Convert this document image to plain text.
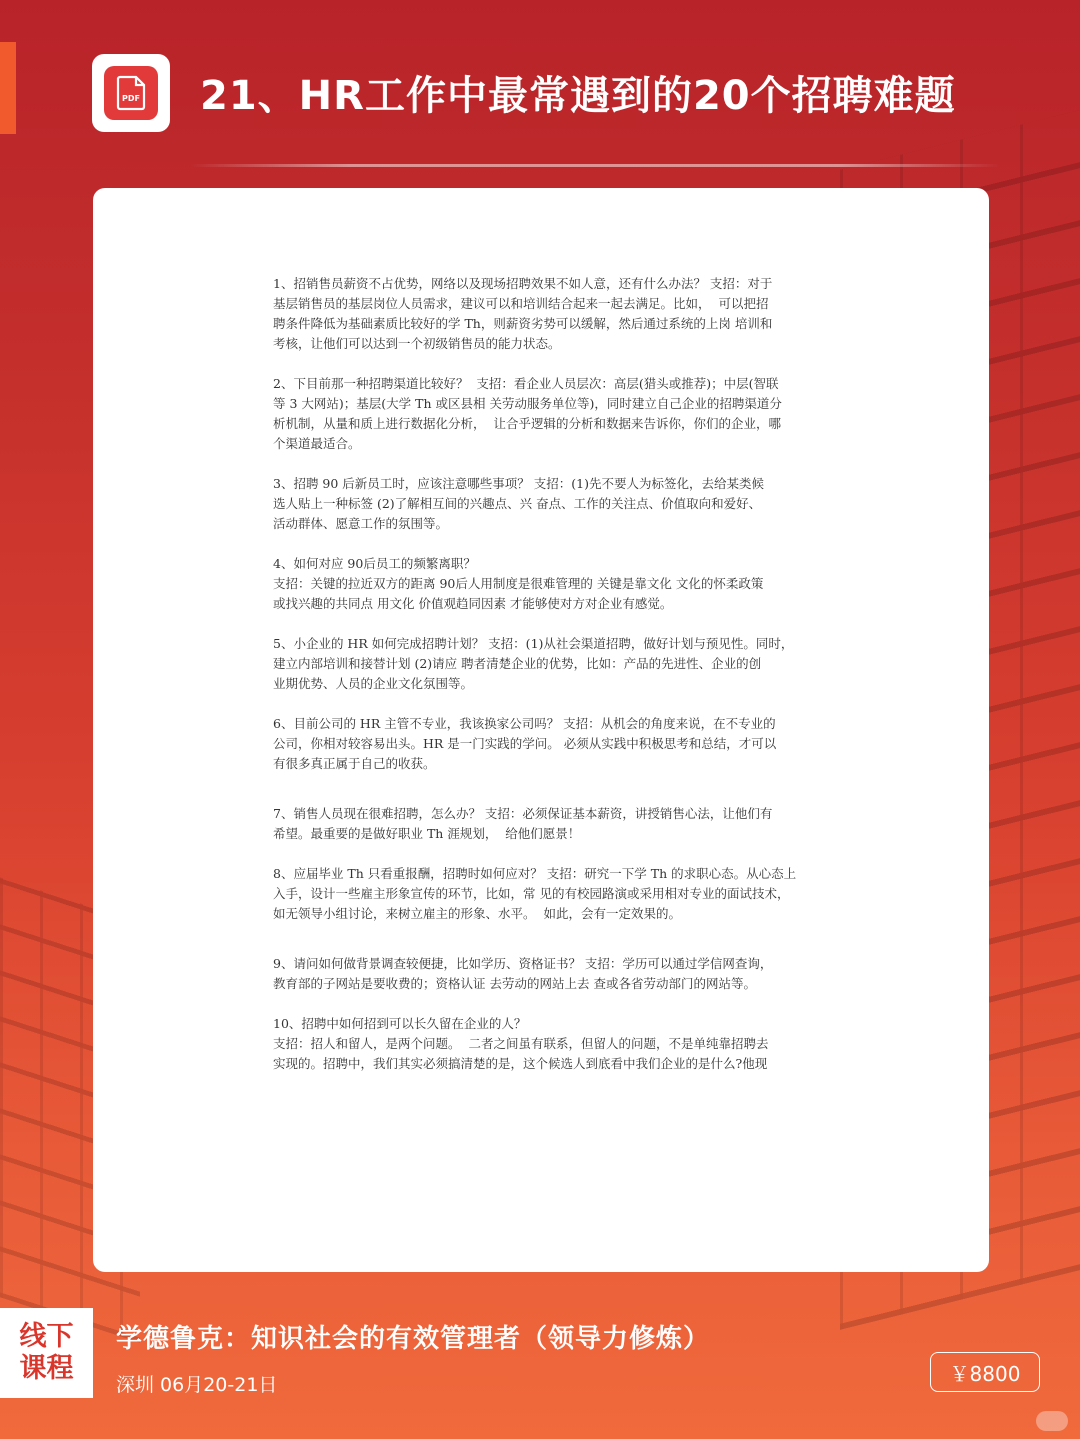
PDF 21、HR工作中最常遇到的20个招聘难题

1、招销售员薪资不占优势，网络以及现场招聘效果不如人意，还有什么办法？ 支招：对于
基层销售员的基层岗位人员需求，建议可以和培训结合起来一起去满足。比如，  可以把招
聘条件降低为基础素质比较好的学 Th，则薪资劣势可以缓解，然后通过系统的上岗 培训和
考核，让他们可以达到一个初级销售员的能力状态。

2、下目前那一种招聘渠道比较好？  支招：看企业人员层次：高层(猎头或推荐)；中层(智联
等 3 大网站)；基层(大学 Th 或区县相 关劳动服务单位等)，同时建立自己企业的招聘渠道分
析机制，从量和质上进行数据化分析，  让合乎逻辑的分析和数据来告诉你，你们的企业，哪
个渠道最适合。

3、招聘 90 后新员工时，应该注意哪些事项？ 支招：(1)先不要人为标签化，去给某类候
选人贴上一种标签 (2)了解相互间的兴趣点、兴 奋点、工作的关注点、价值取向和爱好、
活动群体、愿意工作的氛围等。

4、如何对应 90后员工的频繁离职？
支招：关键的拉近双方的距离 90后人用制度是很难管理的 关键是靠文化 文化的怀柔政策
或找兴趣的共同点 用文化 价值观趋同因素 才能够使对方对企业有感觉。

5、小企业的 HR 如何完成招聘计划？ 支招：(1)从社会渠道招聘，做好计划与预见性。同时，
建立内部培训和接替计划 (2)请应 聘者清楚企业的优势，比如：产品的先进性、企业的创
业期优势、人员的企业文化氛围等。

6、目前公司的 HR 主管不专业，我该换家公司吗？ 支招：从机会的角度来说，在不专业的
公司，你相对较容易出头。HR 是一门实践的学问。 必须从实践中积极思考和总结，才可以
有很多真正属于自己的收获。

7、销售人员现在很难招聘，怎么办？ 支招：必须保证基本薪资，讲授销售心法，让他们有
希望。最重要的是做好职业 Th 涯规划，  给他们愿景！

8、应届毕业 Th 只看重报酬，招聘时如何应对？ 支招：研究一下学 Th 的求职心态。从心态上
入手，设计一些雇主形象宣传的环节，比如，常 见的有校园路演或采用相对专业的面试技术，
如无领导小组讨论，来树立雇主的形象、水平。  如此，会有一定效果的。

9、请问如何做背景调查较便捷，比如学历、资格证书？ 支招：学历可以通过学信网查询，
教育部的子网站是要收费的；资格认证 去劳动的网站上去 查或各省劳动部门的网站等。

10、招聘中如何招到可以长久留在企业的人？
支招：招人和留人，是两个问题。  二者之间虽有联系，但留人的问题，不是单纯靠招聘去
实现的。招聘中，我们其实必须搞清楚的是，这个候选人到底看中我们企业的是什么?他现

线下
课程
学德鲁克：知识社会的有效管理者（领导力修炼）
深圳 06月20-21日	￥8800
